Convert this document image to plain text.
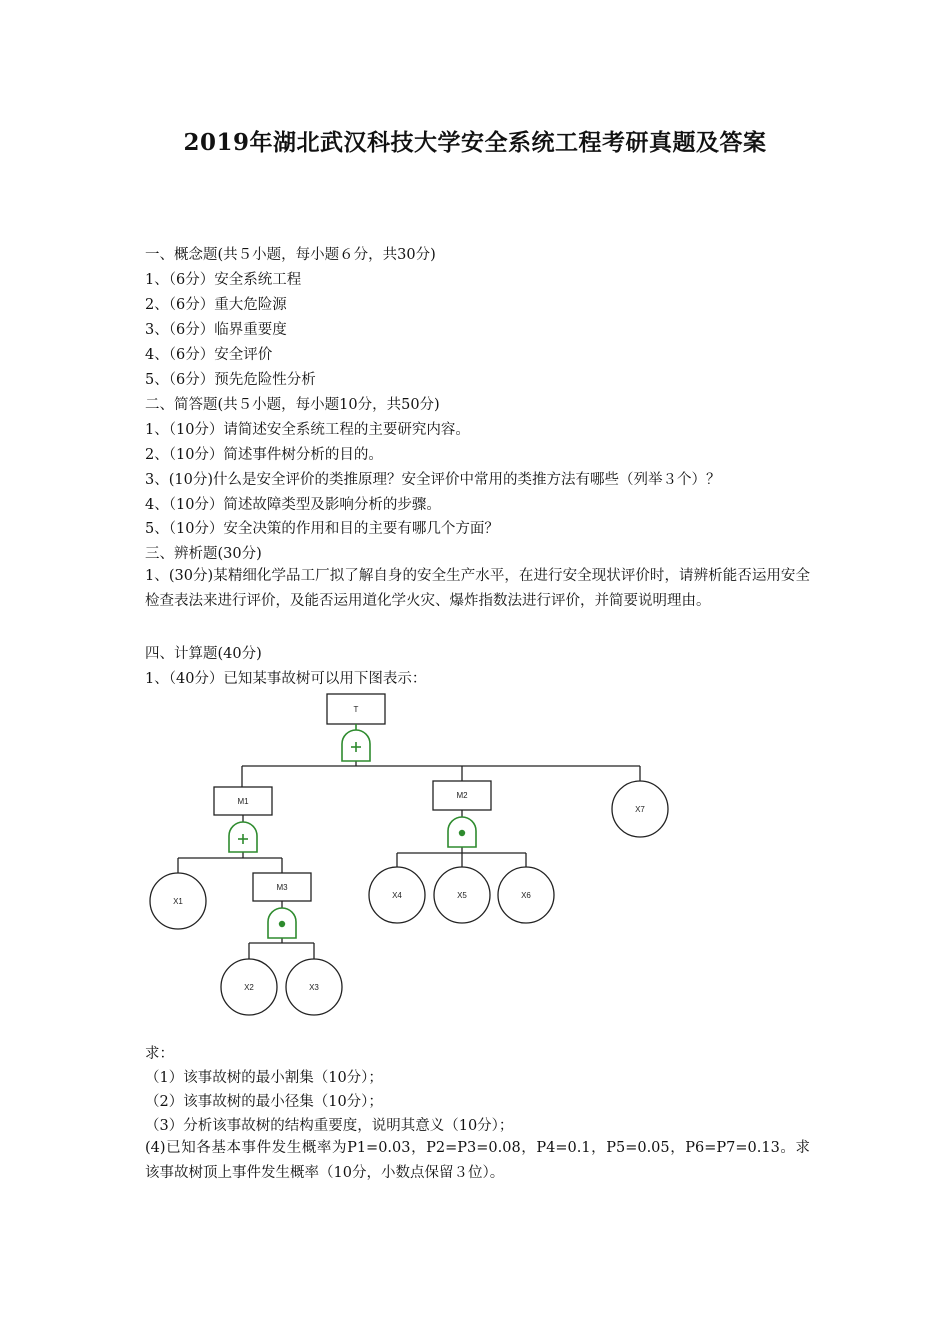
2019年湖北武汉科技大学安全系统工程考研真题及答案

一、概念题(共５小题，每小题６分，共30分)

1、（6分）安全系统工程

2、（6分）重大危险源

3、（6分）临界重要度

4、（6分）安全评价

5、（6分）预先危险性分析

二、简答题(共５小题，每小题10分，共50分)

1、（10分）请简述安全系统工程的主要研究内容。

2、（10分）简述事件树分析的目的。

3、(10分)什么是安全评价的类推原理？安全评价中常用的类推方法有哪些（列举３个）？

4、（10分）简述故障类型及影响分析的步骤。

5、（10分）安全决策的作用和目的主要有哪几个方面？

三、辨析题(30分)

1、(30分)某精细化学品工厂拟了解自身的安全生产水平，在进行安全现状评价时，请辨析能否运用安全检查表法来进行评价，及能否运用道化学火灾、爆炸指数法进行评价，并简要说明理由。

四、计算题(40分)

1、（40分）已知某事故树可以用下图表示：

T
M1
M2
M3
X1
X2	X3
X4	X5	X6
X7

求：

（1）该事故树的最小割集（10分）；

（2）该事故树的最小径集（10分）；

（3）分析该事故树的结构重要度，说明其意义（10分）；

(4)已知各基本事件发生概率为P1=0.03，P2=P3=0.08，P4=0.1，P5=0.05，P6=P7=0.13。求该事故树顶上事件发生概率（10分，小数点保留３位）。
